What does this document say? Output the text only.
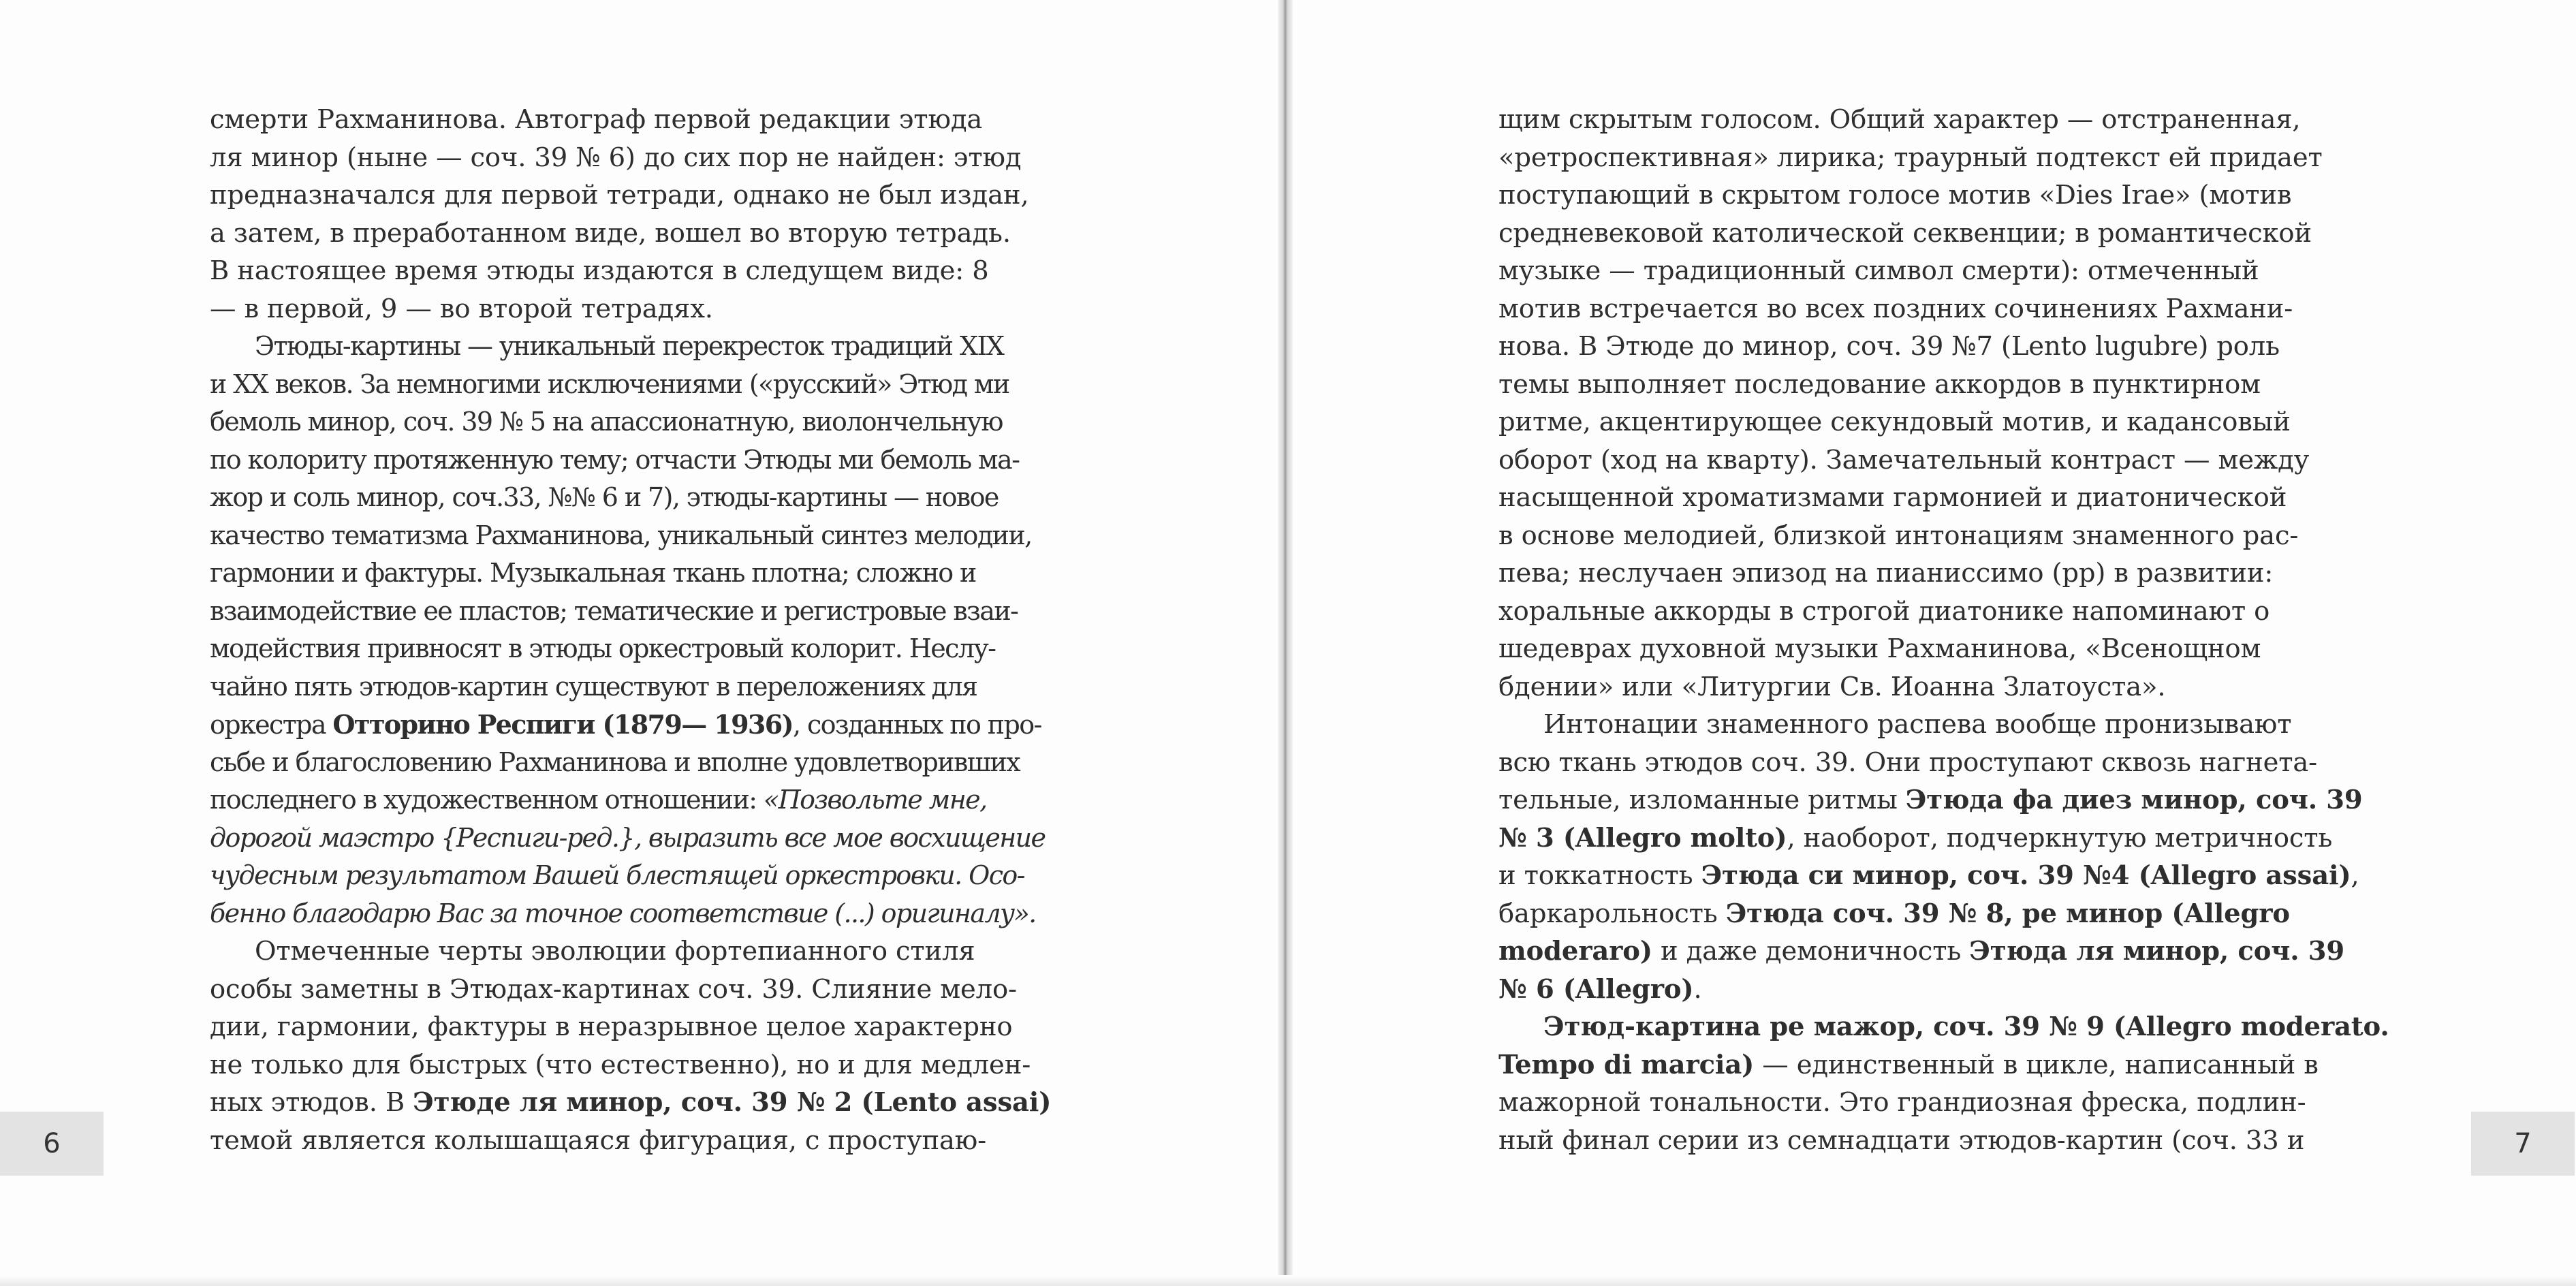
смерти Рахманинова. Автограф первой редакции этюда
ля минор (ныне — соч. 39 № 6) до сих пор не найден: этюд
предназначался для первой тетради, однако не был издан,
а затем, в преработанном виде, вошел во вторую тетрадь.
В настоящее время этюды издаются в следущем виде: 8
— в первой, 9 — во второй тетрадях.
Этюды-картины — уникальный перекресток традиций XIX
и XX веков. За немногими исключениями («русский» Этюд ми
бемоль минор, соч. 39 № 5 на апассионатную, виолончельную
по колориту протяженную тему; отчасти Этюды ми бемоль ма-
жор и соль минор, соч.33, №№ 6 и 7), этюды-картины — новое
качество тематизма Рахманинова, уникальный синтез мелодии,
гармонии и фактуры. Музыкальная ткань плотна; сложно и
взаимодействие ее пластов; тематические и регистровые взаи-
модействия привносят в этюды оркестровый колорит. Неслу-
чайно пять этюдов-картин существуют в переложениях для
оркестра Отторино Респиги (1879— 1936), созданных по про-
сьбе и благословению Рахманинова и вполне удовлетворивших
последнего в художественном отношении: «Позвольте мне,
дорогой маэстро {Респиги-ред.}, выразить все мое восхищение
чудесным результатом Вашей блестящей оркестровки. Осо-
бенно благодарю Вас за точное соответствие (...) оригиналу».
Отмеченные черты эволюции фортепианного стиля
особы заметны в Этюдах-картинах соч. 39. Слияние мело-
дии, гармонии, фактуры в неразрывное целое характерно
не только для быстрых (что естественно), но и для медлен-
ных этюдов. В Этюде ля минор, соч. 39 № 2 (Lento assai)
темой является колышащаяся фигурация, с проступаю-
6	7
щим скрытым голосом. Общий характер — отстраненная,
«ретроспективная» лирика; траурный подтекст ей придает
поступающий в скрытом голосе мотив «Dies Irae» (мотив
средневековой католической секвенции; в романтической
музыке — традиционный символ смерти): отмеченный
мотив встречается во всех поздних сочинениях Рахмани-
нова. В Этюде до минор, соч. 39 №7 (Lento lugubre) роль
темы выполняет последование аккордов в пунктирном
ритме, акцентирующее секундовый мотив, и кадансовый
оборот (ход на кварту). Замечательный контраст — между
насыщенной хроматизмами гармонией и диатонической
в основе мелодией, близкой интонациям знаменного рас-
пева; неслучаен эпизод на пианиссимо (pp) в развитии:
хоральные аккорды в строгой диатонике напоминают о
шедеврах духовной музыки Рахманинова, «Всенощном
бдении» или «Литургии Св. Иоанна Златоуста».
Интонации знаменного распева вообще пронизывают
всю ткань этюдов соч. 39. Они проступают сквозь нагнета-
тельные, изломанные ритмы Этюда фа диез минор, соч. 39
№ 3 (Allegro molto), наоборот, подчеркнутую метричность
и токкатность Этюда си минор, соч. 39 №4 (Allegro assai),
баркарольность Этюда соч. 39 № 8, ре минор (Allegro
moderaro) и даже демоничность Этюда ля минор, соч. 39
№ 6 (Allegro).
Этюд-картина ре мажор, соч. 39 № 9 (Allegro moderato.
Tempo di marcia) — единственный в цикле, написанный в
мажорной тональности. Это грандиозная фреска, подлин-
ный финал серии из семнадцати этюдов-картин (соч. 33 и
